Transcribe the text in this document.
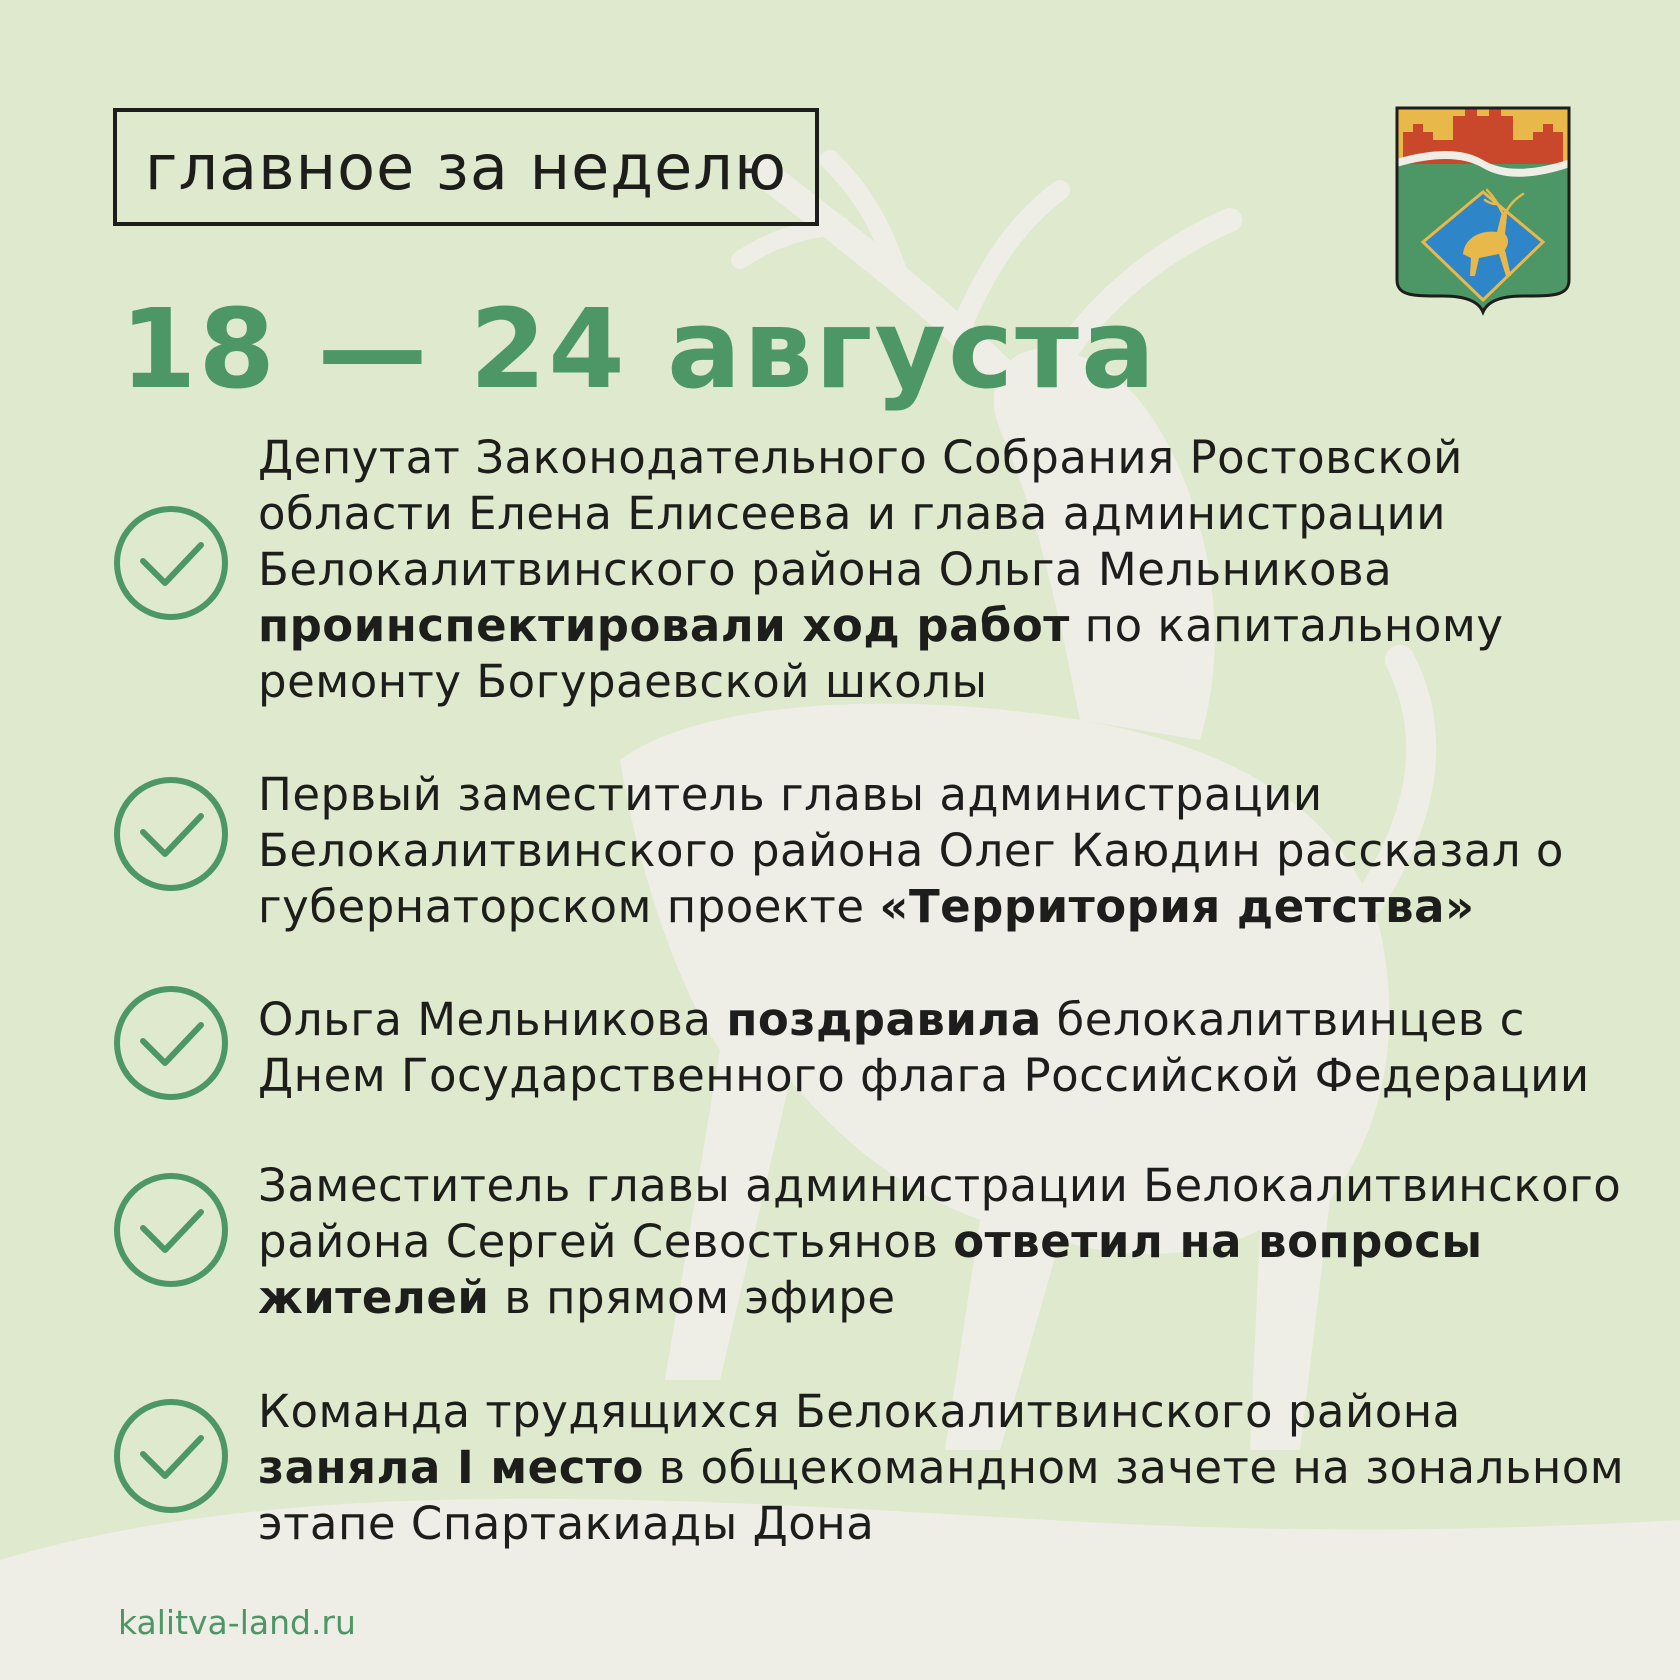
главное за неделю
18 — 24 августа
Депутат Законодательного Собрания Ростовской области Елена Елисеева и глава администрации Белокалитвинского района Ольга Мельникова проинспектировали ход работ по капитальному ремонту Богураевской школы
Первый заместитель главы администрации Белокалитвинского района Олег Каюдин рассказал о губернаторском проекте «Территория детства»
Ольга Мельникова поздравила белокалитвинцев с Днем Государственного флага Российской Федерации
Заместитель главы администрации Белокалитвинского района Сергей Севостьянов ответил на вопросы жителей в прямом эфире
Команда трудящихся Белокалитвинского района заняла I место в общекомандном зачете на зональном этапе Спартакиады Дона
kalitva-land.ru
